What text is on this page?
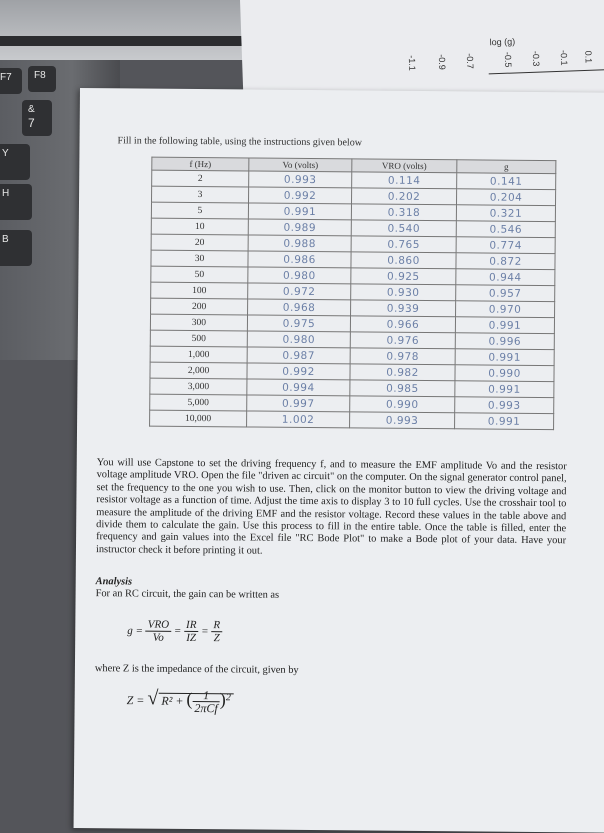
F7 F8
&
7
Y
H
B
log (g)
0.1
-0.1
-0.3
-0.5
-0.7
-0.9
-1.1
Fill in the following table, using the instructions given below
f (Hz)	Vo (volts)	VRO (volts)	g
2	0.993	0.114	0.141
3	0.992	0.202	0.204
5	0.991	0.318	0.321
10	0.989	0.540	0.546
20	0.988	0.765	0.774
30	0.986	0.860	0.872
50	0.980	0.925	0.944
100	0.972	0.930	0.957
200	0.968	0.939	0.970
300	0.975	0.966	0.991
500	0.980	0.976	0.996
1,000	0.987	0.978	0.991
2,000	0.992	0.982	0.990
3,000	0.994	0.985	0.991
5,000	0.997	0.990	0.993
10,000	1.002	0.993	0.991
You will use Capstone to set the driving frequency f, and to measure the EMF amplitude Vo and the resistor voltage amplitude VRO. Open the file "driven ac circuit" on the computer. On the signal generator control panel, set the frequency to the one you wish to use. Then, click on the monitor button to view the driving voltage and resistor voltage as a function of time. Adjust the time axis to display 3 to 10 full cycles. Use the crosshair tool to measure the amplitude of the driving EMF and the resistor voltage. Record these values in the table above and divide them to calculate the gain. Use this process to fill in the entire table. Once the table is filled, enter the frequency and gain values into the Excel file "RC Bode Plot" to make a Bode plot of your data. Have your instructor check it before printing it out.
Analysis
For an RC circuit, the gain can be written as
$g = \frac{\text{VRO}}{Vo} = \frac{IR}{IZ} = \frac{R}{Z}$
where Z is the impedance of the circuit, given by
Z = √ R² + ( $\frac{1}{\text{2πCf}} )^2$
